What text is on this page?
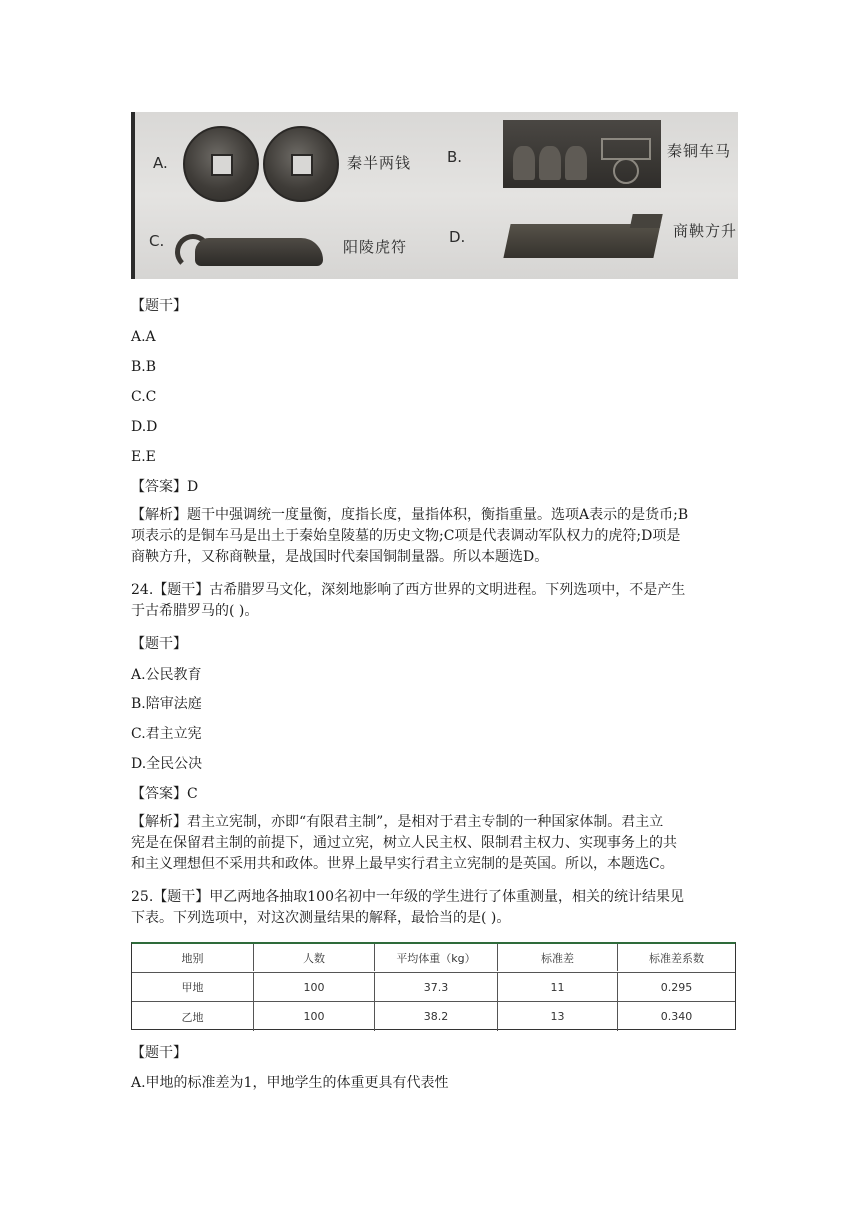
A.	秦半两钱 B.	秦铜车马
C.	阳陵虎符
D.	商鞅方升
【题干】
A.A
B.B
C.C
D.D
E.E
【答案】D
【解析】题干中强调统一度量衡，度指长度，量指体积，衡指重量。选项A表示的是货币;B
项表示的是铜车马是出土于秦始皇陵墓的历史文物;C项是代表调动军队权力的虎符;D项是
商鞅方升，又称商鞅量，是战国时代秦国铜制量器。所以本题选D。
24.【题干】古希腊罗马文化，深刻地影响了西方世界的文明进程。下列选项中，不是产生
于古希腊罗马的( )。
【题干】
A.公民教育
B.陪审法庭
C.君主立宪
D.全民公决
【答案】C
【解析】君主立宪制，亦即“有限君主制”，是相对于君主专制的一种国家体制。君主立
宪是在保留君主制的前提下，通过立宪，树立人民主权、限制君主权力、实现事务上的共
和主义理想但不采用共和政体。世界上最早实行君主立宪制的是英国。所以，本题选C。
25.【题干】甲乙两地各抽取100名初中一年级的学生进行了体重测量，相关的统计结果见
下表。下列选项中，对这次测量结果的解释，最恰当的是( )。
地别	人数	平均体重（kg）	标准差	标准差系数
甲地	100	37.3	11	0.295
乙地	100	38.2	13	0.340
【题干】
A.甲地的标准差为1，甲地学生的体重更具有代表性
